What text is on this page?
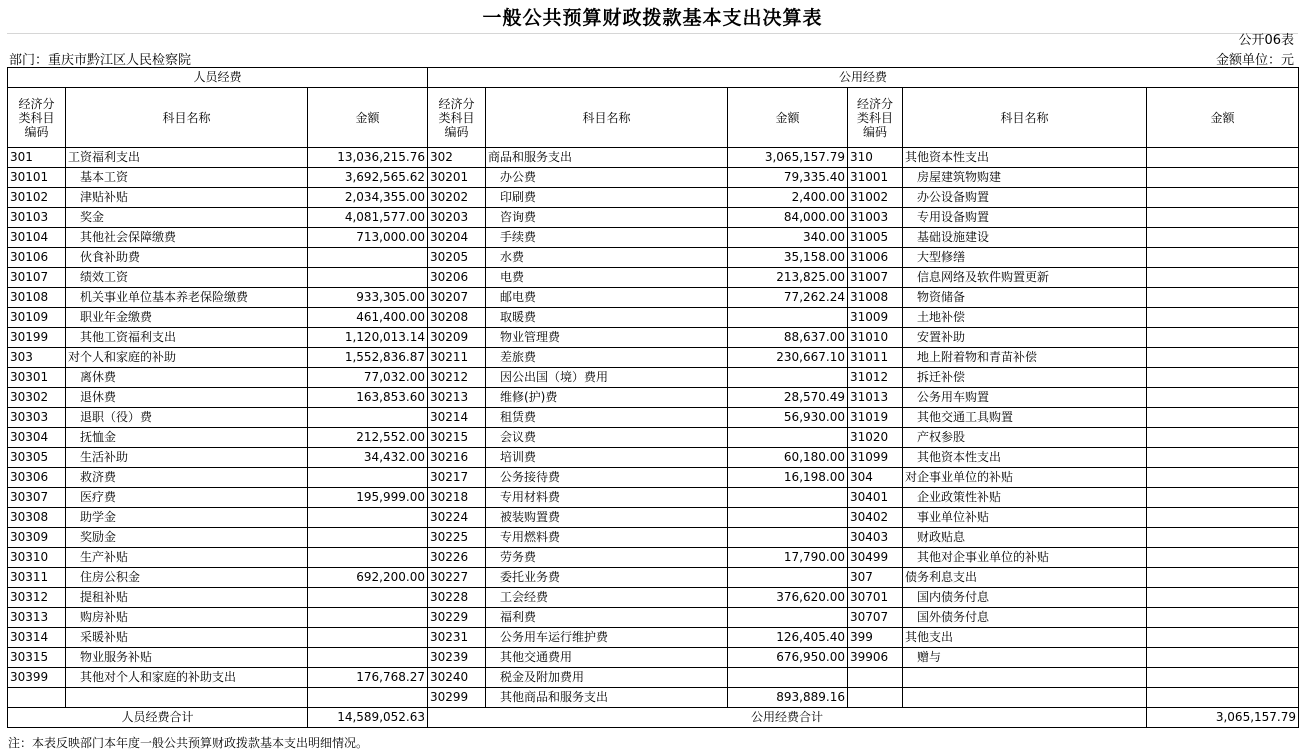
一般公共预算财政拨款基本支出决算表
公开06表
部门：重庆市黔江区人民检察院	金额单位：元
人员经费			公用经费					
经济分
类科目
编码	科目名称	金额	经济分
类科目
编码	科目名称	金额	经济分
类科目
编码	科目名称	金额
301	工资福利支出	13,036,215.76	302	商品和服务支出	3,065,157.79	310	其他资本性支出	
30101	基本工资	3,692,565.62	30201	办公费	79,335.40	31001	房屋建筑物购建	
30102	津贴补贴	2,034,355.00	30202	印刷费	2,400.00	31002	办公设备购置	
30103	奖金	4,081,577.00	30203	咨询费	84,000.00	31003	专用设备购置	
30104	其他社会保障缴费	713,000.00	30204	手续费	340.00	31005	基础设施建设	
30106	伙食补助费		30205	水费	35,158.00	31006	大型修缮	
30107	绩效工资		30206	电费	213,825.00	31007	信息网络及软件购置更新	
30108	机关事业单位基本养老保险缴费	933,305.00	30207	邮电费	77,262.24	31008	物资储备	
30109	职业年金缴费	461,400.00	30208	取暖费		31009	土地补偿	
30199	其他工资福利支出	1,120,013.14	30209	物业管理费	88,637.00	31010	安置补助	
303	对个人和家庭的补助	1,552,836.87	30211	差旅费	230,667.10	31011	地上附着物和青苗补偿	
30301	离休费	77,032.00	30212	因公出国（境）费用		31012	拆迁补偿	
30302	退休费	163,853.60	30213	维修(护)费	28,570.49	31013	公务用车购置	
30303	退职（役）费		30214	租赁费	56,930.00	31019	其他交通工具购置	
30304	抚恤金	212,552.00	30215	会议费		31020	产权参股	
30305	生活补助	34,432.00	30216	培训费	60,180.00	31099	其他资本性支出	
30306	救济费		30217	公务接待费	16,198.00	304	对企事业单位的补贴	
30307	医疗费	195,999.00	30218	专用材料费		30401	企业政策性补贴	
30308	助学金		30224	被装购置费		30402	事业单位补贴	
30309	奖励金		30225	专用燃料费		30403	财政贴息	
30310	生产补贴		30226	劳务费	17,790.00	30499	其他对企事业单位的补贴	
30311	住房公积金	692,200.00	30227	委托业务费		307	债务利息支出	
30312	提租补贴		30228	工会经费	376,620.00	30701	国内债务付息	
30313	购房补贴		30229	福利费		30707	国外债务付息	
30314	采暖补贴		30231	公务用车运行维护费	126,405.40	399	其他支出	
30315	物业服务补贴		30239	其他交通费用	676,950.00	39906	赠与	
30399	其他对个人和家庭的补助支出	176,768.27	30240	税金及附加费用				
			30299	其他商品和服务支出	893,889.16			
人员经费合计		14,589,052.63	公用经费合计					3,065,157.79
注：本表反映部门本年度一般公共预算财政拨款基本支出明细情况。
